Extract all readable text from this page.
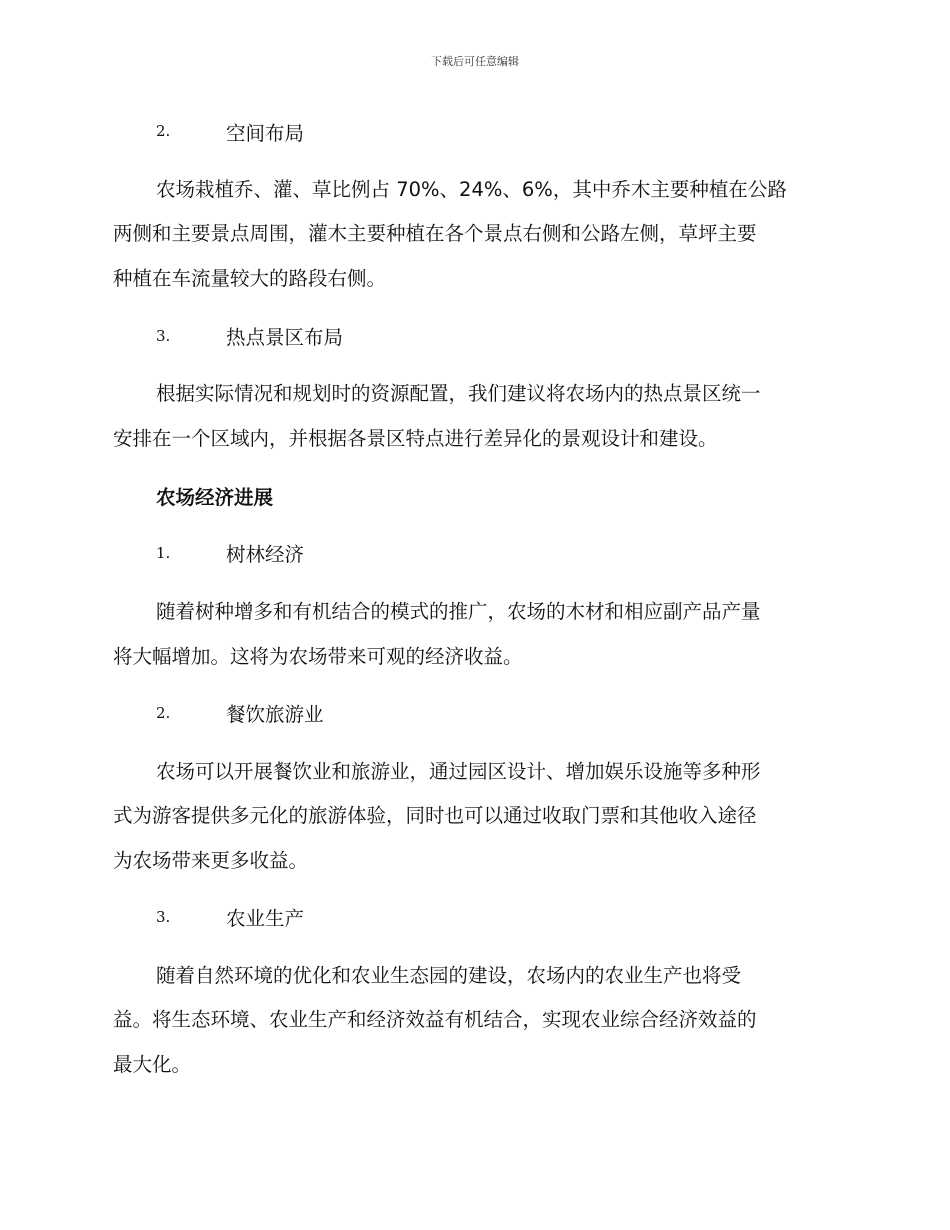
下载后可任意编辑
2.	空间布局
农场栽植乔、灌、草比例占 70%、24%、6%，其中乔木主要种植在公路
两侧和主要景点周围，灌木主要种植在各个景点右侧和公路左侧，草坪主要
种植在车流量较大的路段右侧。
3.	热点景区布局
根据实际情况和规划时的资源配置，我们建议将农场内的热点景区统一
安排在一个区域内，并根据各景区特点进行差异化的景观设计和建设。
农场经济进展
1.	树林经济
随着树种增多和有机结合的模式的推广，农场的木材和相应副产品产量
将大幅增加。这将为农场带来可观的经济收益。
2.	餐饮旅游业
农场可以开展餐饮业和旅游业，通过园区设计、增加娱乐设施等多种形
式为游客提供多元化的旅游体验，同时也可以通过收取门票和其他收入途径
为农场带来更多收益。
3.	农业生产
随着自然环境的优化和农业生态园的建设，农场内的农业生产也将受
益。将生态环境、农业生产和经济效益有机结合，实现农业综合经济效益的
最大化。
